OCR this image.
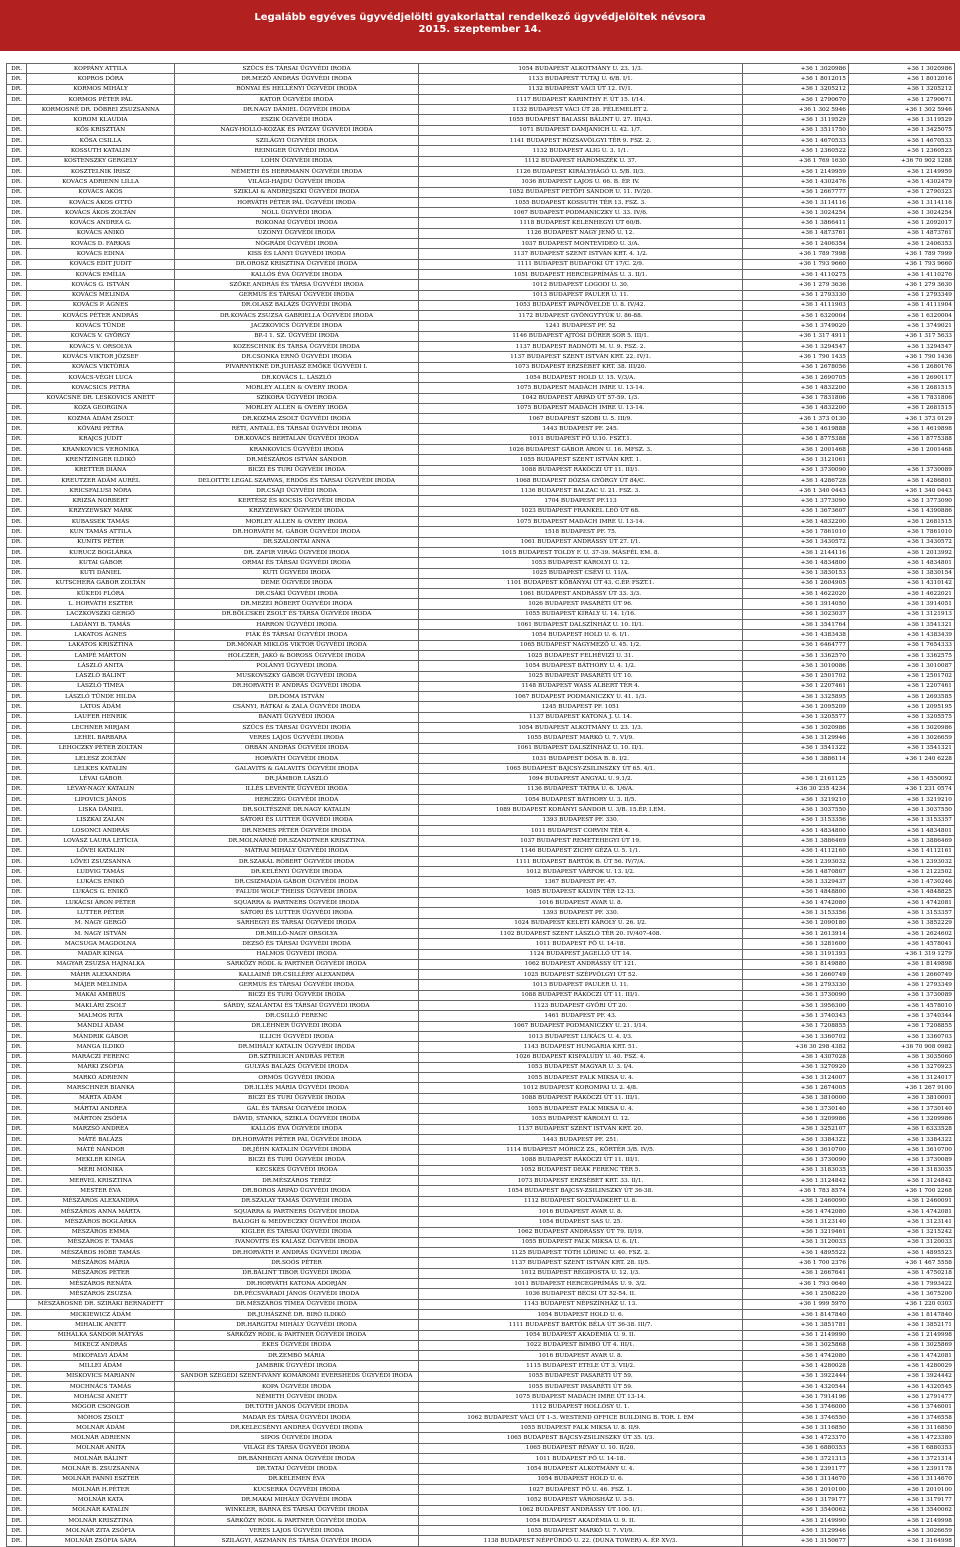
Legalább egyéves ügyvédjelölti gyakorlattal rendelkező ügyvédjelöltek névsora
2015. szeptember 14.
DR.	KOPPÁNY ATTILA	SZŰCS ÉS TÁRSAI ÜGYVÉDI IRODA	1054 BUDAPEST ALKOTMÁNY U. 23. 1/3.	+36 1 3020986	+36 1 3020986
DR.	KOPROS DÓRA	DR.MEZŐ ANDRÁS ÜGYVÉDI IRODA	1133 BUDAPEST TUTAJ U. 6/B. I/1.	+36 1 8012015	+36 1 8012016
DR.	KORMOS MIHÁLY	RÓNYAI ÉS HELLÉNYI ÜGYVÉDI IRODA	1132 BUDAPEST VÁCI ÚT 12. IV/1.	+36 1 3205212	+36 1 3205212
DR.	KORMOS PÉTER PÁL	KATOR ÜGYVÉDI IRODA	1117 BUDAPEST KARINTHY F. ÚT 15. I/14.	+36 1 2790670	+36 1 2790671
	KORMOSNÉ DR. DÖBREI ZSUZSANNA	DR.NAGY DÁNIEL ÜGYVÉDI IRODA	1132 BUDAPEST VÁCI ÚT 28. FÉLEMELET 2.	+36 1 302 5946	+36 1 302 5946
DR.	KOROM KLAUDIA	ESZIK ÜGYVÉDI IRODA	1055 BUDAPEST BALASSI BÁLINT U. 27. III/43.	+36 1 3119529	+36 1 3119529
DR.	KŐS KRISZTIÁN	NAGY-HOLLÓ-KOZÁK ÉS PÁTZAY ÜGYVÉDI IRODA	1071 BUDAPEST DAMJANICH U. 42. 1/7.	+36 1 3511750	+36 1 3425075
DR.	KŐSA CSILLA	SZILÁGYI ÜGYVÉDI IRODA	1141 BUDAPEST RÓZSAVÖLGYI TÉR 9. FSZ. 2.	+36 1 4670533	+36 1 4670533
DR.	KOSSUTH KATALIN	REINIGER ÜGYVÉDI IRODA	1132 BUDAPEST ALIG U. 3. 1/1.	+36 1 2360522	+36 1 2360523
DR.	KOSTENSZKY GERGELY	LOHN ÜGYVÉDI IRODA	1112 BUDAPEST HÁROMSZÉK U. 37.	+36 1 769 1630	+36 70 902 1288
DR.	KOSZTELNIK ÍRISZ	NÉMETH ÉS HERRMANN ÜGYVÉDI IRODA	1126 BUDAPEST KIRÁLYHÁGÓ U. 5/B. II/3.	+36 1 2149959	+36 1 2149959
DR.	KOVÁCS ADRIENN LILLA	VILÁGI-HAJDU ÜGYVÉDI IRODA	1036 BUDAPEST LAJOS U. 66. B. ÉP. IV.	+36 1 4302476	+36 1 4302479
DR.	KOVÁCS ÁKOS	SZIKLAI & ANDREJSZKI ÜGYVÉDI IRODA	1052 BUDAPEST PETŐFI SÁNDOR U. 11. IV/20.	+36 1 2667777	+36 1 2790323
DR.	KOVÁCS ÁKOS OTTÓ	HORVÁTH PÉTER PÁL ÜGYVÉDI IRODA	1055 BUDAPEST KOSSUTH TÉR 13. FSZ. 3.	+36 1 3114116	+36 1 3114116
DR.	KOVÁCS ÁKOS ZOLTÁN	NOLL ÜGYVÉDI IRODA	1067 BUDAPEST PODMANICZKY U. 33. IV/6.	+36 1 3024254	+36 1 3024254
DR.	KOVÁCS ANDREA G.	ROKONAI ÜGYVÉDI IRODA	1118 BUDAPEST KELENHEGYI ÚT 60/B.	+36 1 3866411	+36 1 2092017
DR.	KOVÁCS ANIKÓ	UZONYI ÜGYVÉDI IRODA	1126 BUDAPEST NAGY JENŐ U. 12.	+36 1 4873761	+36 1 4873761
DR.	KOVÁCS D. FARKAS	NÓGRÁDI ÜGYVÉDI IRODA	1037 BUDAPEST MONTEVIDEO U. 3/A.	+36 1 2406354	+36 1 2406353
DR.	KOVÁCS EDINA	KISS ÉS LÁNYI ÜGYVÉDI IRODA	1137 BUDAPEST SZENT ISTVÁN KRT. 4. 1/2.	+36 1 789 7998	+36 1 789 7999
DR.	KOVÁCS EDIT JUDIT	DR.OROSZ KRISZTINA ÜGYVÉDI IRODA	1111 BUDAPEST BUDAFOKI ÚT 17/C. 2/9.	+36 1 793 9660	+36 1 793 9660
DR.	KOVÁCS EMÍLIA	KALLÓS ÉVA ÜGYVÉDI IRODA	1051 BUDAPEST HERCEGPRÍMÁS U. 3. II/1.	+36 1 4110275	+36 1 4110276
DR.	KOVÁCS G. ISTVÁN	SZŐKE ANDRÁS ÉS TÁRSA ÜGYVÉDI IRODA	1012 BUDAPEST LOGODI U. 30.	+36 1 279 3636	+36 1 279 3630
DR.	KOVÁCS MELINDA	GERMUS ÉS TÁRSAI ÜGYVÉDI IRODA	1013 BUDAPEST PAULER U. 11.	+36 1 2793330	+36 1 2793349
DR.	KOVÁCS P. ÁGNES	DR.OLASZ BALÁZS ÜGYVÉDI IRODA	1053 BUDAPEST PAPNÖVELDE U. 8. IV/42.	+36 1 4111903	+36 1 4111904
DR.	KOVÁCS PÉTER ANDRÁS	DR.KOVÁCS ZSUZSA GABRIELLA ÜGYVÉDI IRODA	1172 BUDAPEST GYÖNGYTYÚK U. 86-88.	+36 1 6320004	+36 1 6320004
DR.	KOVÁCS TÜNDE	JACZKOVICS ÜGYVÉDI IRODA	1241 BUDAPEST PF. 52	+36 1 3749020	+36 1 3749021
DR.	KOVÁCS V. GYÖRGY	BP.-I 1. SZ. ÜGYVÉDI IRODA	1146 BUDAPEST AJTÓSI DÜRER SOR 5. III/1.	+36 1 317 4911	+36 1 317 5633
DR.	KOVÁCS V. ORSOLYA	KOZESCHNIK ÉS TÁRSA ÜGYVÉDI IRODA	1137 BUDAPEST RADNÓTI M. U. 9. FSZ. 2.	+36 1 3294547	+36 1 3294547
DR.	KOVÁCS VIKTOR JÓZSEF	DR.CSONKA ERNŐ ÜGYVÉDI IRODA	1137 BUDAPEST SZENT ISTVÁN KRT. 22. IV/1.	+36 1 790 1435	+36 1 790 1436
DR.	KOVÁCS VIKTÓRIA	PIVARNYIKNÉ DR.JUHÁSZ EMŐKE ÜGYVÉDI I.	1073 BUDAPEST ERZSÉBET KRT. 38. III/20.	+36 1 2678056	+36 1 2680176
DR.	KOVÁCS-VÉGH LUCA	DR.KOVÁCS L. LÁSZLÓ	1054 BUDAPEST HOLD U. 15. V/3/A.	+36 1 2690705	+36 1 2690117
DR.	KOVACSICS PETRA	MORLEY ALLEN & OVERY IRODA	1075 BUDAPEST MADÁCH IMRE U. 13-14.	+36 1 4832200	+36 1 2681515
	KOVÁCSNÉ DR. LESKOVICS ANETT	SZIKORA ÜGYVÉDI IRODA	1042 BUDAPEST ÁRPÁD ÚT 57-59. 1/3.	+36 1 7831806	+36 1 7831806
DR.	KOZA GEORGINA	MORLEY ALLEN & OVERY IRODA	1075 BUDAPEST MADÁCH IMRE U. 13-14.	+36 1 4832200	+36 1 2681515
DR.	KOZMA ÁDÁM ZSOLT	DR.KOZMA ZSOLT ÜGYVÉDI IRODA	1067 BUDAPEST SZOBI U. 5. III/9.	+36 1 373 0130	+36 1 373 0129
DR.	KŐVÁRI PETRA	RÉTI, ANTALL ÉS TÁRSAI ÜGYVÉDI IRODA	1443 BUDAPEST PF. 245.	+36 1 4619888	+36 1 4619898
DR.	KRAJCS JUDIT	DR.KOVÁCS BERTALAN ÜGYVÉDI IRODA	1011 BUDAPEST FŐ U.10. FSZT.1.	+36 1 8775388	+36 1 8775388
DR.	KRANKOVICS VERONIKA	KRANKOVICS ÜGYVÉDI IRODA	1026 BUDAPEST GÁBOR ÁRON U. 16. MFSZ. 3.	+36 1 2001468	+36 1 2001468
DR.	KRENTZINGER ILDIKÓ	DR.MÉSZÁROS ISTVÁN SÁNDOR	1055 BUDAPEST SZENT ISTVÁN KRT. 1.	+36 1 3121061	
DR.	KRETTER DIÁNA	BICZI ÉS TURI ÜGYVÉDI IRODA	1088 BUDAPEST RÁKÓCZI ÚT 11. III/1.	+36 1 3730090	+36 1 3730089
DR.	KREUTZER ÁDÁM AURÉL	DELOITTE LEGAL SZARVAS, ERDŐS ÉS TÁRSAI ÜGYVÉDI IRODA	1068 BUDAPEST DÓZSA GYÖRGY ÚT 84/C.	+36 1 4286728	+36 1 4286801
DR.	KRICSFALUSI NÓRA	DR.CSÁJI ÜGYVÉDI IRODA	1136 BUDAPEST BALZAC U. 21. FSZ. 3.	+36 1 340 0443	+36 1 340 0443
DR.	KRIZSA NORBERT	KERTÉSZ ÉS KOCSIS ÜGYVÉDI IRODA	1704 BUDAPEST PF.113	+36 1 3773090	+36 1 3773090
DR.	KRZYZEWSKY MÁRK	KRZYZEWSKY ÜGYVÉDI IRODA	1023 BUDAPEST FRANKEL LEÓ ÚT 68.	+36 1 3673607	+36 1 4390886
DR.	KUBASSEK TAMÁS	MORLEY ALLEN & OVERY IRODA	1075 BUDAPEST MADÁCH IMRE U. 13-14.	+36 1 4832200	+36 1 2681515
DR.	KUN TAMÁS ATTILA	DR.HORVÁTH M. GÁBOR ÜGYVÉDI IRODA	1518 BUDAPEST PF. 75.	+36 1 7861010	+36 1 7861010
DR.	KUNITS PÉTER	DR.SZALONTAI ANNA	1061 BUDAPEST ANDRÁSSY ÚT 27. I/1.	+36 1 3430572	+36 1 3430572
DR.	KURUCZ BOGLÁRKA	DR. ZAFIR VIRÁG ÜGYVÉDI IRODA	1015 BUDAPEST TOLDY F. U. 37-39. MÁSFÉL EM. 8.	+36 1 2144116	+36 1 2013992
DR.	KUTAI GÁBOR	ORMAI ÉS TÁRSAI ÜGYVÉDI IRODA	1053 BUDAPEST KÁROLYI U. 12.	+36 1 4834800	+36 1 4834801
DR.	KUTI DÁNIEL	KUTI ÜGYVÉDI IRODA	1025 BUDAPEST CSÉVI U. 11/A.	+36 1 3830153	+36 1 3830154
DR.	KUTSCHERA GÁBOR ZOLTÁN	DEME ÜGYVÉDI IRODA	1101 BUDAPEST KŐBÁNYAI ÚT 43. C.ÉP. FSZT.1.	+36 1 2604905	+36 1 4310142
DR.	KÜKEDI FLÓRA	DR.CSÁKI ÜGYVÉDI IRODA	1061 BUDAPEST ANDRÁSSY ÚT 33. 3/3.	+36 1 4622020	+36 1 4622021
DR.	L. HORVÁTH ESZTER	DR.MEZEI RÓBERT ÜGYVÉDI IRODA	1026 BUDAPEST PASARÉTI ÚT 96.	+36 1 3914050	+36 1 3914051
DR.	LACZKOVSZKI GERGŐ	DR.BÖLCSKEI ZSOLT ÉS TÁRSA ÜGYVÉDI IRODA	1055 BUDAPEST KIRÁLY U. 14. 1/16.	+36 1 3023037	+36 1 3121913
DR.	LADÁNYI B. TAMÁS	HARRON ÜGYVÉDI IRODA	1061 BUDAPEST DALSZÍNHÁZ U. 10. II/1.	+36 1 3541764	+36 1 3541321
DR.	LAKATOS ÁGNES	FIÁK ÉS TÁRSAI ÜGYVÉDI IRODA	1054 BUDAPEST HOLD U. 6. I/1.	+36 1 4383438	+36 1 4383439
DR.	LAKATOS KRISZTINA	DR.MÓNAR MIKLÓS VIKTOR ÜGYVÉDI IRODA	1065 BUDAPEST NAGYMEZŐ U. 45. 1/2.	+36 1 6464777	+36 1 7654333
DR.	LAMPÉ MÁRTON	HOLCZER, JAKÓ & BOROSS ÜGYVÉDI IRODA	1025 BUDAPEST FELHÉVIZI U. 31.	+36 1 3362570	+36 1 3362575
DR.	LÁSZLÓ ANITA	POLÁNYI ÜGYVÉDI IRODA	1054 BUDAPEST BÁTHORY U. 4. 1/2.	+36 1 3010086	+36 1 3010087
DR.	LÁSZLÓ BÁLINT	MUSKOVSZKY GÁBOR ÜGYVÉDI IRODA	1025 BUDAPEST PASARÉTI ÚT 10.	+36 1 2501702	+36 1 2501702
DR.	LÁSZLÓ TÍMEA	DR.HORVÁTH P. ANDRÁS ÜGYVÉDI IRODA	1148 BUDAPEST WASS ALBERT TÉR 4.	+36 1 2207461	+36 1 2207461
DR.	LÁSZLÓ TÜNDE HILDA	DR.DOMA ISTVÁN	1067 BUDAPEST PODMANICZKY U. 41. 1/3.	+36 1 3325895	+36 1 2693585
DR.	LÁTOS ÁDÁM	CSÁNYI, RÁTKAI & ZALA ÜGYVÉDI IRODA	1245 BUDAPEST PF. 1051	+36 1 2095209	+36 1 2095195
DR.	LAUFER HENRIK	BÁNATI ÜGYVÉDI IRODA	1137 BUDAPEST KATONA J. U. 14.	+36 1 3205577	+36 1 3205575
DR.	LECHNER MIRJAM	SZŰCS ÉS TÁRSAI ÜGYVÉDI IRODA	1054 BUDAPEST ALKOTMÁNY U. 23. 1/3.	+36 1 3020986	+36 1 3020986
DR.	LEHEL BARBARA	VERES LAJOS ÜGYVÉDI IRODA	1055 BUDAPEST MARKÓ U. 7. VI/9.	+36 1 3129946	+36 1 3026659
DR.	LEHOCZKY PÉTER ZOLTÁN	ORBÁN ANDRÁS ÜGYVÉDI IRODA	1061 BUDAPEST DALSZÍNHÁZ U. 10. II/1.	+36 1 3541322	+36 1 3541321
DR.	LELESZ ZOLTÁN	HORVÁTH ÜGYVÉDI IRODA	1031 BUDAPEST DÓSA B. 8. I/2.	+36 1 3886114	+36 1 240 6228
DR.	LELKES KATALIN	GALAVITS & GALAVITS ÜGYVÉDI IRODA	1065 BUDAPEST BAJCSY-ZSILINSZKY ÚT 65. 4/1.		
DR.	LÉVAI GÁBOR	DR.JÁMBOR LÁSZLÓ	1094 BUDAPEST ANGYAL U. 9.1/2.	+36 1 2161125	+36 1 4550092
DR.	LÉVAY-NAGY KATALIN	ILLÉS LEVENTE ÜGYVÉDI IRODA	1136 BUDAPEST TÁTRA U. 6. 1/6/A.	+36 30 235 4234	+36 1 231 0574
DR.	LIPOVICS JÁNOS	HERCZEG ÜGYVÉDI IRODA	1054 BUDAPEST BÁTHORY U. 3. II/5.	+36 1 3219210	+36 1 3219210
DR.	LISKA DÁNIEL	DR.SOLTÉSZNÉ DR.NAGY KATALIN	1089 BUDAPEST KORÁNYI SÁNDOR U. 3/B. 15.ÉP. I.EM.	+36 1 3037550	+36 1 3037550
DR.	LISZKAI ZALÁN	SÁTORI ÉS LUTTER ÜGYVÉDI IRODA	1393 BUDAPEST PF. 330.	+36 1 3153356	+36 1 3153357
DR.	LOSONCI ANDRÁS	DR.NEMES PÉTER ÜGYVÉDI IRODA	1011 BUDAPEST CORVIN TÉR 4.	+36 1 4834800	+36 1 4834801
DR.	LOVÁSZ LAURA LETÍCIA	DR.MOLNÁRNÉ DR.SZANDTNER KRISZTINA	1037 BUDAPEST REMETEHEGYI ÚT 19.	+36 1 3886469	+36 1 3886469
DR.	LŐVEI KATALIN	MÁTRAI MIHÁLY ÜGYVÉDI IRODA	1146 BUDAPEST ZICHY GÉZA U. 5. 1/1.	+36 1 4112160	+36 1 4112161
DR.	LŐVEI ZSUZSANNA	DR.SZAKÁL RÓBERT ÜGYVÉDI IRODA	1111 BUDAPEST BARTÓK B. ÚT 56. IV/7/A.	+36 1 2393032	+36 1 2393032
DR.	LUDVIG TAMÁS	DR.KELÉNYI ÜGYVÉDI IRODA	1012 BUDAPEST VÁRFOK U. 13. I/2.	+36 1 4870807	+36 1 2122502
DR.	LUKÁCS ENIKŐ	DR.CSIZMADIA GÁBOR ÜGYVÉDI IRODA	1367 BUDAPEST PF. 47.	+36 1 3329437	+36 1 4730246
DR.	LUKÁCS G. ENIKŐ	FALUDI WOLF THEISS ÜGYVÉDI IRODA	1085 BUDAPEST KÁLVIN TÉR 12-13.	+36 1 4848800	+36 1 4848825
DR.	LUKÁCSI ÁRON PÉTER	SQUARRA & PARTNERS ÜGYVÉDI IRODA	1016 BUDAPEST AVAR U. 8.	+36 1 4742080	+36 1 4742081
DR.	LUTTER PÉTER	SÁTORI ÉS LUTTER ÜGYVÉDI IRODA	1393 BUDAPEST PF. 330.	+36 1 3153356	+36 1 3153357
DR.	M. NAGY GERGŐ	SÁRHEGYI ÉS TÁRSAI ÜGYVÉDI IRODA	1024 BUDAPEST KELETI KÁROLY U. 26. I/2.	+36 1 2090180	+36 1 3852229
DR.	M. NAGY ISTVÁN	DR.MILLÓ-NAGY ORSOLYA	1102 BUDAPEST SZENT LÁSZLÓ TÉR 20. IV/407-408.	+36 1 2613914	+36 1 2624602
DR.	MACSUGA MAGDOLNA	DEZSŐ ÉS TÁRSAI ÜGYVÉDI IRODA	1011 BUDAPEST FŐ U. 14-18.	+36 1 3281600	+36 1 4578041
DR.	MADAR KINGA	HALMOS ÜGYVÉDI IRODA	1124 BUDAPEST JAGELLÓ ÚT 14.	+36 1 3191393	+36 1 319 1279
DR.	MAGYAR ZSUZSA HAJNALKA	SÁRKÖZY RÓDL & PARTNER ÜGYVÉDI IRODA	1062 BUDAPEST ANDRÁSSY ÚT 121.	+36 1 8149880	+36 1 8149898
DR.	MÁHR ALEXANDRA	KALLAINÉ DR.CSILLÉRY ALEXANDRA	1025 BUDAPEST SZÉPVÖLGYI ÚT 52.	+36 1 2660749	+36 1 2660749
DR.	MÁJER MELINDA	GERMUS ÉS TÁRSAI ÜGYVÉDI IRODA	1013 BUDAPEST PAULER U. 11.	+36 1 2793330	+36 1 2793349
DR.	MAKAI AMBRUS	BICZI ÉS TURI ÜGYVÉDI IRODA	1088 BUDAPEST RÁKÓCZI ÚT 11. III/1.	+36 1 3730090	+36 1 3730089
DR.	MAKLÁRI ZSOLT	SÁRDY, SZALÁNTAI ÉS TÁRSAI ÜGYVÉDI IRODA	1123 BUDAPEST GYŐRI ÚT 20.	+36 1 3956300	+36 1 4578010
DR.	MALMOS RITA	DR.CSILLÓ FERENC	1461 BUDAPEST PF. 43.	+36 1 3740343	+36 1 3740344
DR.	MÁNDLI ÁDÁM	DR.LÉHNER ÜGYVÉDI IRODA	1067 BUDAPEST PODMANICZKY U. 21. I/14.	+36 1 7208855	+36 1 7208855
DR.	MÁNDRIK GÁBOR	ILLICH ÜGYVÉDI IRODA	1013 BUDAPEST LUKÁCS U. 4. I/3.	+36 1 3360702	+36 1 3360703
DR.	MANGA ILDIKÓ	DR.MIHÁLY KATALIN ÜGYVÉDI IRODA	1143 BUDAPEST HUNGÁRIA KRT. 51.	+36 30 298 4382	+36 70 908 0982
DR.	MARÁCZI FERENC	DR.SZTRILICH ANDRÁS PÉTER	1026 BUDAPEST KISFALUDY U. 40. FSZ. 4.	+36 1 4307028	+36 1 3035060
DR.	MÁRKI ZSÓFIA	GULYÁS BALÁZS ÜGYVÉDI IRODA	1053 BUDAPEST MAGYAR U. 3. I/4.	+36 1 3270920	+36 1 3270923
DR.	MARKÓ ADRIENN	ORMÓS ÜGYVÉDI IRODA	1055 BUDAPEST FALK MIKSA U. 4.	+36 1 3124007	+36 1 3124017
DR.	MARSCHNER BIANKA	DR.ILLÉS MÁRIA ÜGYVÉDI IRODA	1012 BUDAPEST KOROMPAI U. 2. 4/8.	+36 1 2674005	+36 1 267 9100
DR.	MÁRTA ÁDÁM	BICZI ÉS TURI ÜGYVÉDI IRODA	1088 BUDAPEST RÁKÓCZI ÚT 11. III/1.	+36 1 3810000	+36 1 3810001
DR.	MÁRTAI ANDREA	GÁL ÉS TÁRSAI ÜGYVÉDI IRODA	1055 BUDAPEST FALK MIKSA U. 4.	+36 1 3730140	+36 1 3730140
DR.	MÁRTON ZSÓFIA	DÁVID, STANKA, SZIKLA ÜGYVÉDI IRODA	1053 BUDAPEST KÁROLYI U. 12.	+36 1 3209986	+36 1 3209986
DR.	MARZSÓ ANDREA	KALLÓS ÉVA ÜGYVÉDI IRODA	1137 BUDAPEST SZENT ISTVÁN KRT. 20.	+36 1 3252107	+36 1 6333528
DR.	MÁTÉ BALÁZS	DR.HORVÁTH PÉTER PÁL ÜGYVÉDI IRODA	1443 BUDAPEST PF. 251.	+36 1 3384322	+36 1 3384322
DR.	MÁTÉ NÁNDOR	DR.JÉHN KATALIN ÜGYVÉDI IRODA	1114 BUDAPEST MÓRICZ ZS., KÖRTÉR 3/B. IV/5.	+36 1 3610700	+36 1 3610700
DR.	MEKLER KINGA	BICZI ÉS TURI ÜGYVÉDI IRODA	1088 BUDAPEST RÁKÓCZI ÚT 11. III/1.	+36 1 3730090	+36 1 3730089
DR.	MÉRI MÓNIKA	KECSKÉS ÜGYVÉDI IRODA	1052 BUDAPEST DEÁK FERENC TÉR 5.	+36 1 3183035	+36 1 3183035
DR.	MERVEL KRISZTINA	DR.MÉSZÁROS TERÉZ	1073 BUDAPEST ERZSÉBET KRT. 33. II/1.	+36 1 3124842	+36 1 3124842
DR.	MESTER ÉVA	DR.BOROS ÁRPÁD ÜGYVÉDI IRODA	1054 BUDAPEST BAJCSY-ZSILINSZKY ÚT 36-38.	+36 1 783 8574	+36 1 700 2268
DR.	MÉSZÁROS ALEXANDRA	DR.SZALAY TAMÁS ÜGYVÉDI IRODA	1112 BUDAPEST SOLTVÁDKERT U. 8.	+36 1 2460090	+36 1 2460091
DR.	MÉSZÁROS ANNA MÁRTA	SQUARRA & PARTNERS ÜGYVÉDI IRODA	1016 BUDAPEST AVAR U. 8.	+36 1 4742080	+36 1 4742081
DR.	MÉSZÁROS BOGLÁRKA	BALOGH & MEDVECZKY ÜGYVÉDI IRODA	1054 BUDAPEST SAS U. 25.	+36 1 3123140	+36 1 3123141
DR.	MÉSZÁROS EMMA	KIGLER ÉS TÁRSAI ÜGYVÉDI IRODA	1062 BUDAPEST ANDRÁSSY ÚT 79. II/19.	+36 1 3219461	+36 1 3215242
DR.	MÉSZÁROS F. TAMÁS	IVANOVITS ÉS KALÁSZ ÜGYVÉDI IRODA	1055 BUDAPEST FALK MIKSA U. 6. I/1.	+36 1 3120033	+36 1 3120033
DR.	MÉSZÁROS HÓBE TAMÁS	DR.HORVÁTH P. ANDRÁS ÜGYVÉDI IRODA	1125 BUDAPEST TÓTH LŐRINC U. 40. FSZ. 2.	+36 1 4895522	+36 1 4895523
DR.	MÉSZÁROS MÁRIA	DR.SOÓS PÉTER	1137 BUDAPEST SZENT ISTVÁN KRT. 28. II/5.	+36 1 700 2376	+36 1 467 5558
DR.	MÉSZÁROS PÉTER	DR.BÁLINT TIBOR ÜGYVÉDI IRODA	1012 BUDAPEST RÉGIPOSTA U. 12. I/3.	+36 1 2667641	+36 1 4750218
DR.	MÉSZÁROS RENÁTA	DR.HORVÁTH KATONA ADORJÁN	1011 BUDAPEST HERCEGPRÍMÁS U. 9. 3/2.	+36 1 793 0640	+36 1 7993422
DR.	MÉSZÁROS ZSUZSA	DR.PÉCSVÁRADI JÁNOS ÜGYVÉDI IRODA	1036 BUDAPEST BÉCSI ÚT 52-54. II.	+36 1 2508220	+36 1 3675200
	MÉSZÁROSNÉ DR. SZIRÁKI BERNADETT	DR.MÉSZÁROS TÍMEA ÜGYVÉDI IRODA	1143 BUDAPEST NÉPSZÍNHÁZ U. 13.	+36 1 999 5970	+36 1 220 0303
DR.	MICKIEWICZ ÁDÁM	DR.JUHÁSZNÉ DR. BIRÓ ILDIKÓ	1054 BUDAPEST HOLD U. 6.	+36 1 8147840	+36 1 8147840
DR.	MIHALIK ANETT	DR.HARGITAI MIHÁLY ÜGYVÉDI IRODA	1111 BUDAPEST BARTÓK BÉLA ÚT 36-38. III/7.	+36 1 3851781	+36 1 3852171
DR.	MIHÁLKA SÁNDOR MÁTYÁS	SÁRKÖZY RÓDL & PARTNER ÜGYVÉDI IRODA	1054 BUDAPEST AKADÉMIA U. 9. II.	+36 1 2149990	+36 1 2149998
DR.	MIKECZ ANDRÁS	ÉKES ÜGYVÉDI IRODA	1022 BUDAPEST BIMBÓ ÚT 4. III/1.	+36 1 3025868	+36 1 3025869
DR.	MIKOFALVI ÁDÁM	DR.ZEMBÓ MÁRIA	1016 BUDAPEST AVAR U. 8.	+36 1 4742080	+36 1 4742081
DR.	MILLEI ÁDÁM	JAMBRIK ÜGYVÉDI IRODA	1115 BUDAPEST ETELE ÚT 3. VII/2.	+36 1 4280028	+36 1 4280029
DR.	MISKOVICS MARIANN	SÁNDOR SZEGEDI SZENT-IVÁNY KOMÁROMI EVERSHEDS ÜGYVÉDI IRODA	1055 BUDAPEST PASARÉTI ÚT 59.	+36 1 3922444	+36 1 3924442
DR.	MOCHNÁCS TAMÁS	KOPA ÜGYVÉDI IRODA	1055 BUDAPEST PASARÉTI ÚT 59.	+36 1 4320544	+36 1 4320545
DR.	MOHÁCSI ANETT	NÉMETH ÜGYVÉDI IRODA	1075 BUDAPEST MADÁCH IMRE ÚT 13-14.	+36 1 7914196	+36 1 2791477
DR.	MÓGOR CSONGOR	DR.TÓTH JÁNOS ÜGYVÉDI IRODA	1112 BUDAPEST HOLLÓSY U. 1.	+36 1 3746000	+36 1 3746001
DR.	MÓHOS ZSOLT	MADAR ÉS TÁRSA ÜGYVÉDI IRODA	1062 BUDAPEST VÁCI ÚT 1-3. WESTEND OFFICE BUILDING B. TOR. I. EM	+36 1 3746550	+36 1 3746558
DR.	MOLNÁR ÁDÁM	DR.KELECSÉNYI ANDREA ÜGYVÉDI IRODA	1055 BUDAPEST FALK MIKSA U. 8. II/9.	+36 1 3116850	+36 1 3116850
DR.	MOLNÁR ADRIENN	SIPOS ÜGYVÉDI IRODA	1065 BUDAPEST BAJCSY-ZSILINSZKY ÚT 35. I/3.	+36 1 4723370	+36 1 4723380
DR.	MOLNÁR ANITA	VILÁGI ÉS TÁRSA ÜGYVÉDI IRODA	1065 BUDAPEST RÉVAY U. 10. II/20.	+36 1 6880353	+36 1 6880353
DR.	MOLNÁR BÁLINT	DR.BÁNHEGYI ANNA ÜGYVÉDI IRODA	1011 BUDAPEST FŐ U. 14-18.	+36 1 3721313	+36 1 3721314
DR.	MOLNÁR B. ZSUZSANNA	DR.TATAI ÜGYVÉDI IRODA	1054 BUDAPEST ALKOTMÁNY U. 4.	+36 1 2391177	+36 1 2391178
DR.	MOLNÁR FANNI ESZTER	DR.KELEMEN ÉVA	1054 BUDAPEST HOLD U. 6.	+36 1 3114670	+36 1 3114670
DR.	MOLNÁR H.PÉTER	KUCSERKA ÜGYVÉDI IRODA	1027 BUDAPEST FŐ U. 46. FSZ. 1.	+36 1 2010100	+36 1 2010100
DR.	MOLNÁR KATA	DR.MAKAI MIHÁLY ÜGYVÉDI IRODA	1052 BUDAPEST VÁROSHÁZ U. 3-5.	+36 1 3179177	+36 1 3179177
DR.	MOLNÁR KATALIN	WINKLER, BARNA ÉS TÁRSAI ÜGYVÉDI IRODA	1062 BUDAPEST ANDRÁSSY ÚT 100. I/1.	+36 1 3540062	+36 1 3540062
DR.	MOLNÁR KRISZTINA	SÁRKÖZY RÓDL & PARTNER ÜGYVÉDI IRODA	1054 BUDAPEST AKADÉMIA U. 9. II.	+36 1 2149990	+36 1 2149998
DR.	MOLNÁR ZITA ZSÓFIA	VERES LAJOS ÜGYVÉDI IRODA	1055 BUDAPEST MARKÓ U. 7. VI/9.	+36 1 3129946	+36 1 3026659
DR.	MOLNÁR ZSÓFIA SÁRA	SZILÁGYI, ASZMANN ÉS TÁRSA ÜGYVÉDI IRODA	1138 BUDAPEST NÉPFÜRDŐ U. 22. (DUNA TOWER) A. ÉP. XV/3.	+36 1 3150677	+36 1 3164998
